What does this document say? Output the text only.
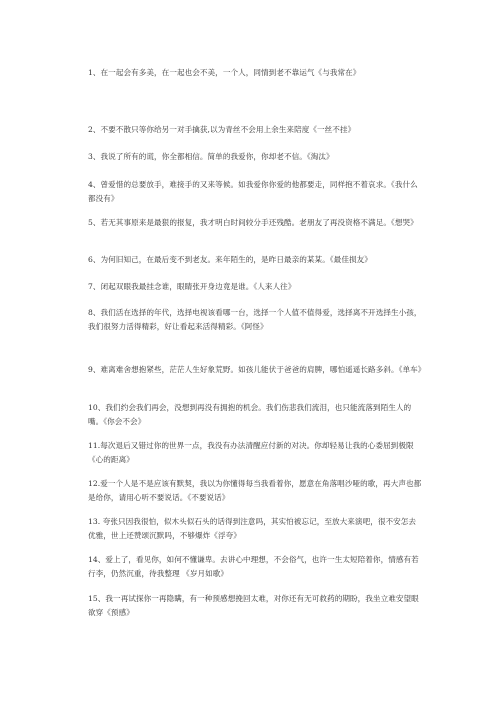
1、在一起会有多美，在一起也会不美，一个人，同情到老不靠运气《与我常在》

2、不要不散只等你给另一对手擒获,以为青丝不会用上余生来陪度《一丝不挂》

3、我说了所有的谎，你全都相信。简单的我爱你，你却老不信。《淘汰》

4、曾爱惜的总要放手，难接手的又来等候。如我爱你你爱的他都要走，同样抱不着哀求。《我什么都没有》

5、若无其事原来是最狠的报复，我才明白时间较分手还残酷。老朋友了再没资格不满足。《想哭》

6、为何旧知己，在最后变不到老友。来年陌生的，是昨日最亲的某某。《最佳损友》

7、闭起双眼我最挂念谁，眼睛张开身边竟是谁。《人来人往》

8、我们活在选择的年代，选择电视该看哪一台，选择一个人值不值得爱，选择离不开选择生小孩，我们很努力活得精彩，好让看起来活得精彩。《阿怪》

9、难离难舍想抱紧些，茫茫人生好象荒野。如孩儿能伏于爸爸的肩脾，哪怕遥遥长路多斜。《单车》

10、我们约会我们再会，没想到再没有拥抱的机会。我们伤悲我们流泪，也只能流落到陌生人的嘴。《你会不会》

11.每次退后又错过你的世界一点，我没有办法清醒应付新的对决。你却轻易让我的心委屈到极限《心的距离》

12.爱一个人是不是应该有默契，我以为你懂得每当我看着你，愿意在角落唱沙哑的歌，再大声也都是给你，请用心听不要说话。《不要说话》

13. 夸张只因我很怕，似木头似石头的话得到注意吗，其实怕被忘记，至放大来演吧，很不安怎去优雅，世上还赞颂沉默吗，不够爆炸《浮夸》

14、爱上了，看见你，如何不懂谦卑。去讲心中理想，不会俗气，也许一生太短陪着你，情感有若行李，仍然沉重，待我整理 《岁月如歌》

15、我一再试探你一再隐瞒，有一种预感想挽回太难，对你还有无可救药的期盼，我坐立难安望眼欲穿《预感》
